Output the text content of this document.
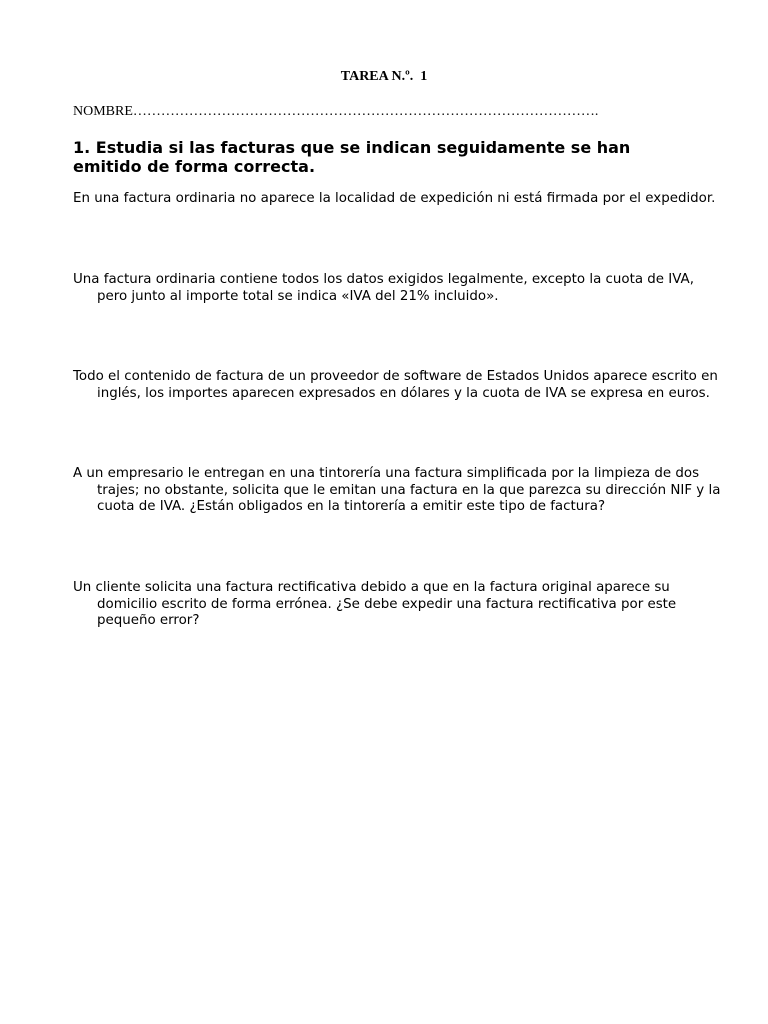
TAREA N.º.  1
NOMBRE……………………………………………………………………………………….
1. Estudia si las facturas que se indican seguidamente se han emitido de forma correcta.
En una factura ordinaria no aparece la localidad de expedición ni está firmada por el expedidor.
Una factura ordinaria contiene todos los datos exigidos legalmente, excepto la cuota de IVA, pero junto al importe total se indica «IVA del 21% incluido».
Todo el contenido de factura de un proveedor de software de Estados Unidos aparece escrito en inglés, los importes aparecen expresados en dólares y la cuota de IVA se expresa en euros.
A un empresario le entregan en una tintorería una factura simplificada por la limpieza de dos trajes; no obstante, solicita que le emitan una factura en la que parezca su dirección NIF y la cuota de IVA. ¿Están obligados en la tintorería a emitir este tipo de factura?
Un cliente solicita una factura rectificativa debido a que en la factura original aparece su domicilio escrito de forma errónea. ¿Se debe expedir una factura rectificativa por este pequeño error?
